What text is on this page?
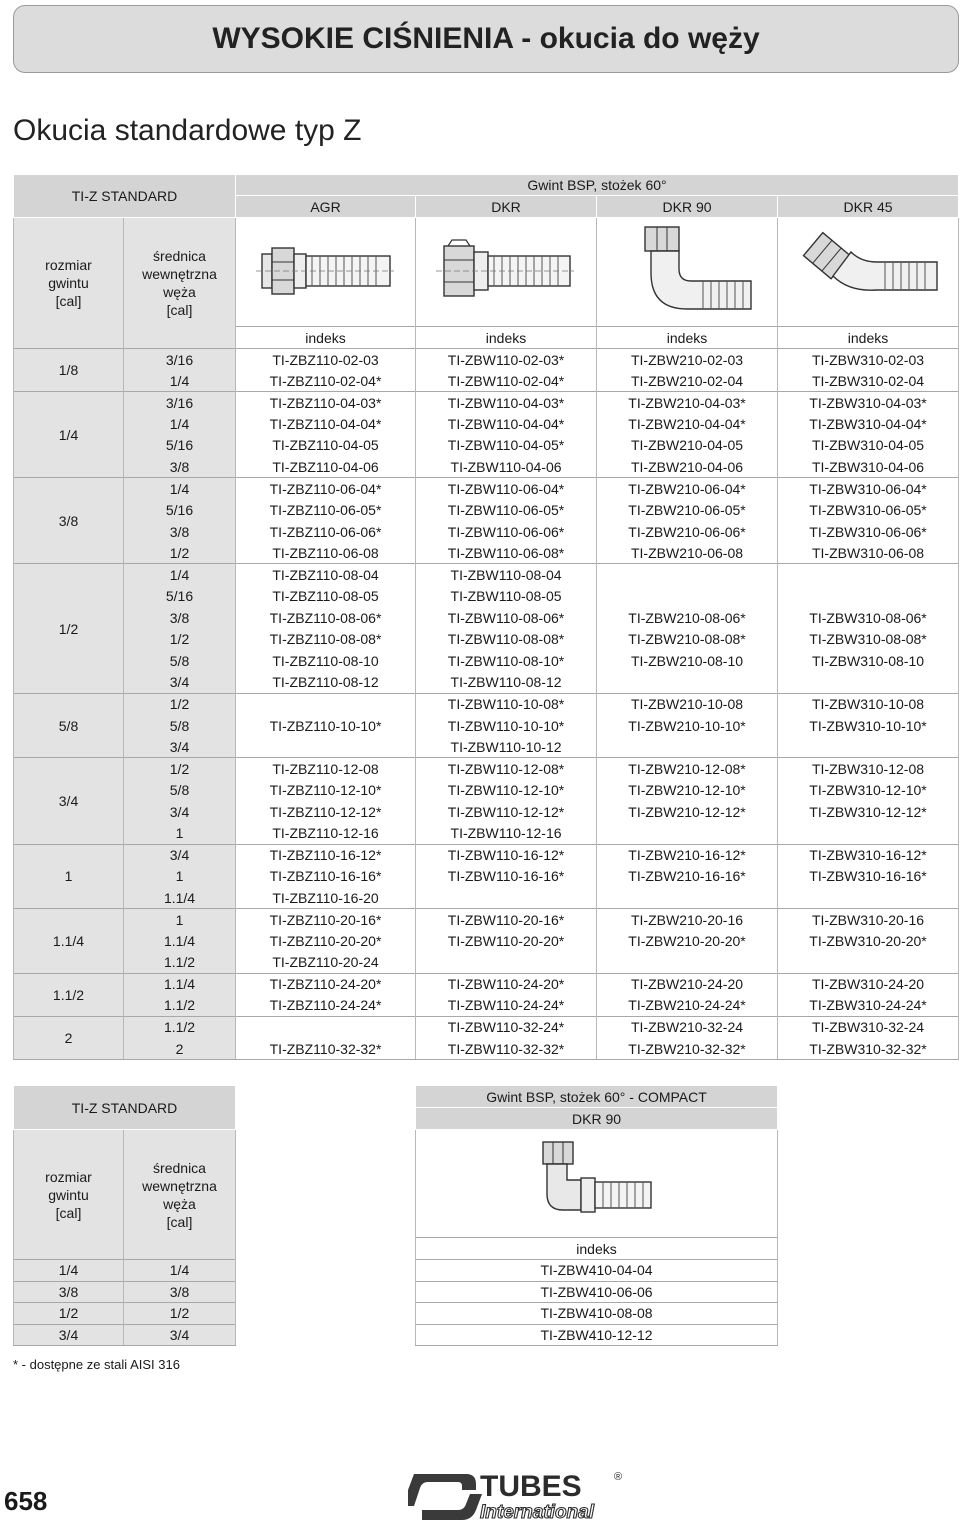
WYSOKIE CIŚNIENIA - okucia do węży
Okucia standardowe typ Z
TI-Z STANDARD		Gwint BSP, stożek 60°			
		AGR	DKR	DKR 90	DKR 45
rozmiar
gwintu
[cal]	średnica
wewnętrzna
węża
[cal]				
		indeks	indeks	indeks	indeks
1/8	3/16	TI-ZBZ110-02-03	TI-ZBW110-02-03*	TI-ZBW210-02-03	TI-ZBW310-02-03
	1/4	TI-ZBZ110-02-04*	TI-ZBW110-02-04*	TI-ZBW210-02-04	TI-ZBW310-02-04
1/4	3/16	TI-ZBZ110-04-03*	TI-ZBW110-04-03*	TI-ZBW210-04-03*	TI-ZBW310-04-03*
	1/4	TI-ZBZ110-04-04*	TI-ZBW110-04-04*	TI-ZBW210-04-04*	TI-ZBW310-04-04*
	5/16	TI-ZBZ110-04-05	TI-ZBW110-04-05*	TI-ZBW210-04-05	TI-ZBW310-04-05
	3/8	TI-ZBZ110-04-06	TI-ZBW110-04-06	TI-ZBW210-04-06	TI-ZBW310-04-06
3/8	1/4	TI-ZBZ110-06-04*	TI-ZBW110-06-04*	TI-ZBW210-06-04*	TI-ZBW310-06-04*
	5/16	TI-ZBZ110-06-05*	TI-ZBW110-06-05*	TI-ZBW210-06-05*	TI-ZBW310-06-05*
	3/8	TI-ZBZ110-06-06*	TI-ZBW110-06-06*	TI-ZBW210-06-06*	TI-ZBW310-06-06*
	1/2	TI-ZBZ110-06-08	TI-ZBW110-06-08*	TI-ZBW210-06-08	TI-ZBW310-06-08
1/2	1/4	TI-ZBZ110-08-04	TI-ZBW110-08-04		
	5/16	TI-ZBZ110-08-05	TI-ZBW110-08-05		
	3/8	TI-ZBZ110-08-06*	TI-ZBW110-08-06*	TI-ZBW210-08-06*	TI-ZBW310-08-06*
	1/2	TI-ZBZ110-08-08*	TI-ZBW110-08-08*	TI-ZBW210-08-08*	TI-ZBW310-08-08*
	5/8	TI-ZBZ110-08-10	TI-ZBW110-08-10*	TI-ZBW210-08-10	TI-ZBW310-08-10
	3/4	TI-ZBZ110-08-12	TI-ZBW110-08-12		
5/8	1/2		TI-ZBW110-10-08*	TI-ZBW210-10-08	TI-ZBW310-10-08
	5/8	TI-ZBZ110-10-10*	TI-ZBW110-10-10*	TI-ZBW210-10-10*	TI-ZBW310-10-10*
	3/4		TI-ZBW110-10-12		
3/4	1/2	TI-ZBZ110-12-08	TI-ZBW110-12-08*	TI-ZBW210-12-08*	TI-ZBW310-12-08
	5/8	TI-ZBZ110-12-10*	TI-ZBW110-12-10*	TI-ZBW210-12-10*	TI-ZBW310-12-10*
	3/4	TI-ZBZ110-12-12*	TI-ZBW110-12-12*	TI-ZBW210-12-12*	TI-ZBW310-12-12*
	1	TI-ZBZ110-12-16	TI-ZBW110-12-16		
1	3/4	TI-ZBZ110-16-12*	TI-ZBW110-16-12*	TI-ZBW210-16-12*	TI-ZBW310-16-12*
	1	TI-ZBZ110-16-16*	TI-ZBW110-16-16*	TI-ZBW210-16-16*	TI-ZBW310-16-16*
	1.1/4	TI-ZBZ110-16-20			
1.1/4	1	TI-ZBZ110-20-16*	TI-ZBW110-20-16*	TI-ZBW210-20-16	TI-ZBW310-20-16
	1.1/4	TI-ZBZ110-20-20*	TI-ZBW110-20-20*	TI-ZBW210-20-20*	TI-ZBW310-20-20*
	1.1/2	TI-ZBZ110-20-24			
1.1/2	1.1/4	TI-ZBZ110-24-20*	TI-ZBW110-24-20*	TI-ZBW210-24-20	TI-ZBW310-24-20
	1.1/2	TI-ZBZ110-24-24*	TI-ZBW110-24-24*	TI-ZBW210-24-24*	TI-ZBW310-24-24*
2	1.1/2		TI-ZBW110-32-24*	TI-ZBW210-32-24	TI-ZBW310-32-24
	2	TI-ZBZ110-32-32*	TI-ZBW110-32-32*	TI-ZBW210-32-32*	TI-ZBW310-32-32*
TI-Z STANDARD			Gwint BSP, stożek 60° - COMPACT	
			DKR 90	
rozmiar
gwintu
[cal]	średnica
wewnętrzna
węża
[cal]			
			indeks	
1/4	1/4		TI-ZBW410-04-04	
3/8	3/8		TI-ZBW410-06-06	
1/2	1/2		TI-ZBW410-08-08	
3/4	3/4		TI-ZBW410-12-12	
* - dostępne ze stali AISI 316
658	TUBES	®
International
